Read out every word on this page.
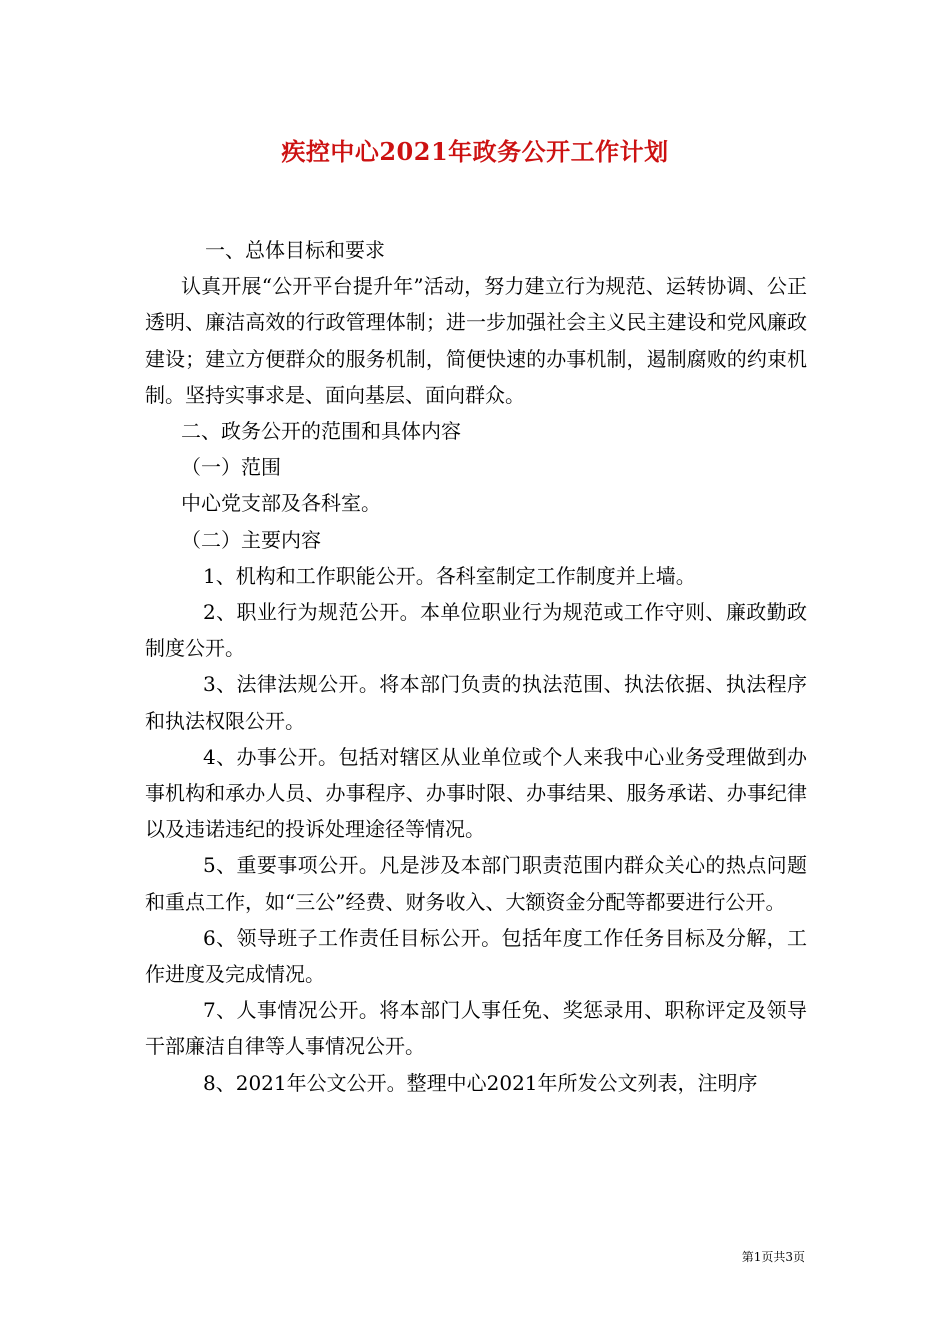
疾控中心2021年政务公开工作计划

一、总体目标和要求

认真开展“公开平台提升年”活动，努力建立行为规范、运转协调、公正透明、廉洁高效的行政管理体制；进一步加强社会主义民主建设和党风廉政建设；建立方便群众的服务机制，简便快速的办事机制，遏制腐败的约束机制。坚持实事求是、面向基层、面向群众。

二、政务公开的范围和具体内容

（一）范围

中心党支部及各科室。

（二）主要内容

1、机构和工作职能公开。各科室制定工作制度并上墙。

2、职业行为规范公开。本单位职业行为规范或工作守则、廉政勤政制度公开。

3、法律法规公开。将本部门负责的执法范围、执法依据、执法程序和执法权限公开。

4、办事公开。包括对辖区从业单位或个人来我中心业务受理做到办事机构和承办人员、办事程序、办事时限、办事结果、服务承诺、办事纪律以及违诺违纪的投诉处理途径等情况。

5、重要事项公开。凡是涉及本部门职责范围内群众关心的热点问题和重点工作，如“三公”经费、财务收入、大额资金分配等都要进行公开。

6、领导班子工作责任目标公开。包括年度工作任务目标及分解，工作进度及完成情况。

7、人事情况公开。将本部门人事任免、奖惩录用、职称评定及领导干部廉洁自律等人事情况公开。

8、2021年公文公开。整理中心2021年所发公文列表，注明序

第1页共3页
